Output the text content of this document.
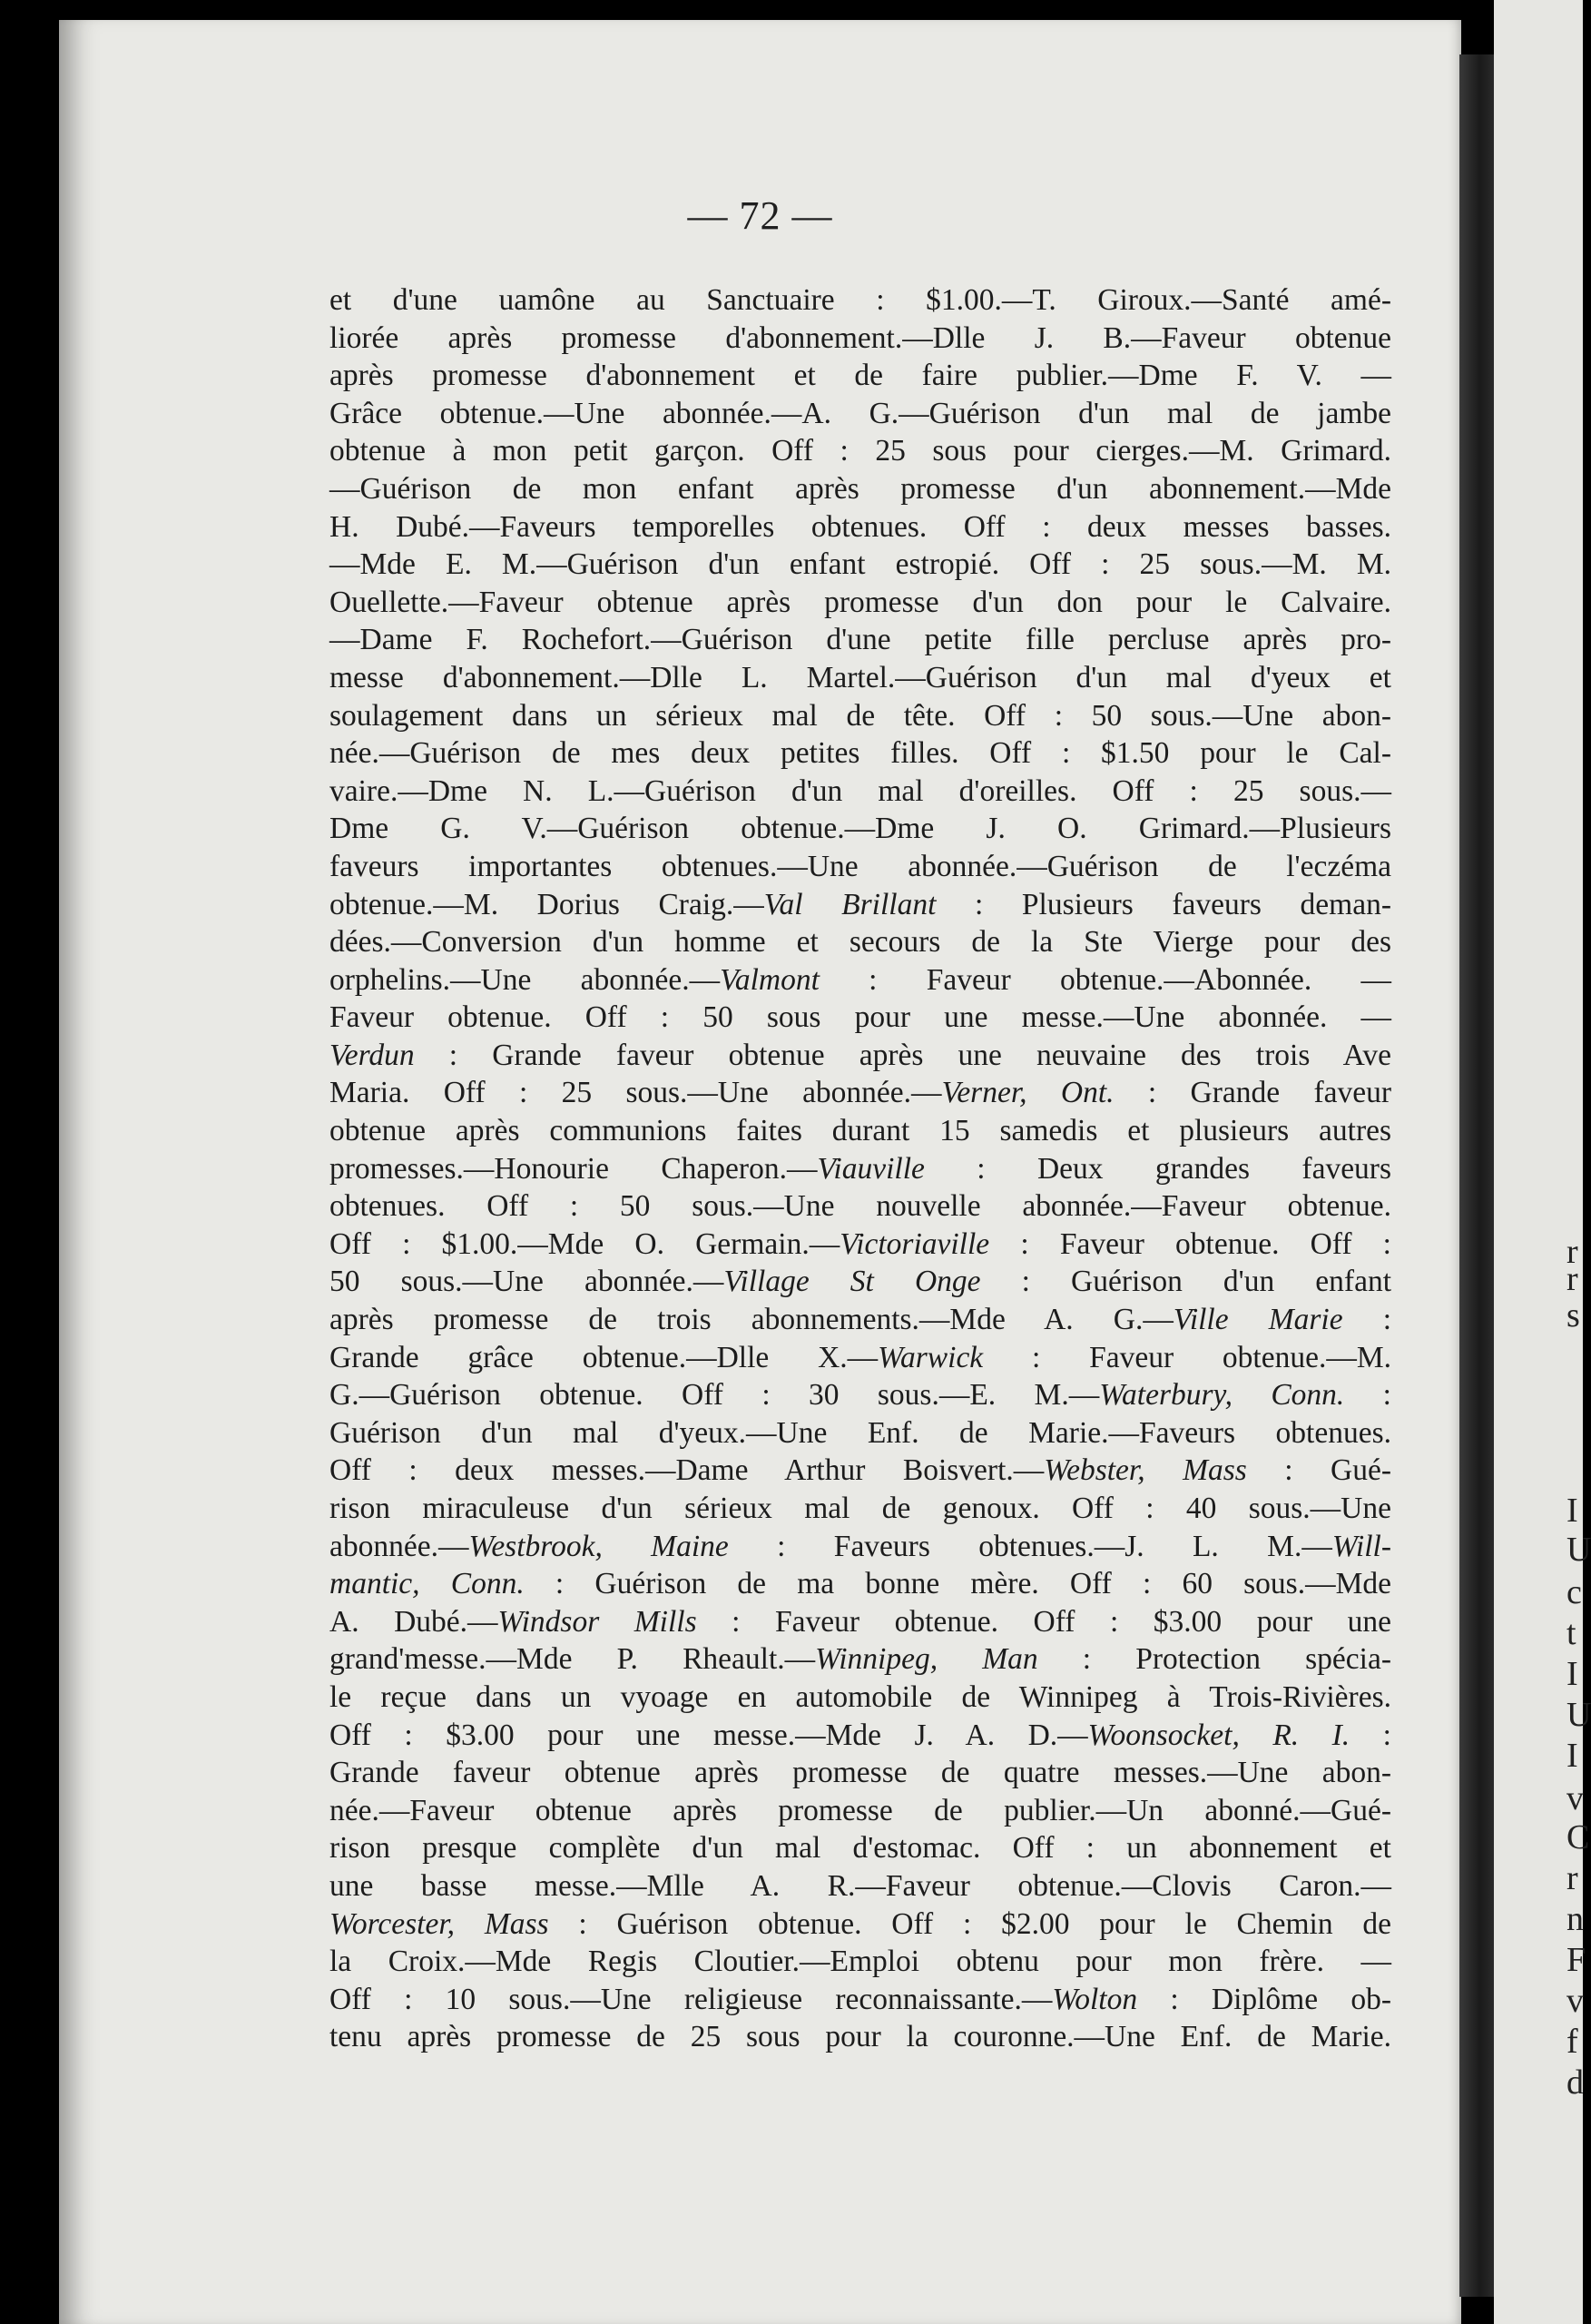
— 72 —
et d'une uamône au Sanctuaire : $1.00.—T. Giroux.—Santé amé-
liorée après promesse d'abonnement.—Dlle J. B.—Faveur obtenue
après promesse d'abonnement et de faire publier.—Dme F. V. —
Grâce obtenue.—Une abonnée.—A. G.—Guérison d'un mal de jambe
obtenue à mon petit garçon. Off : 25 sous pour cierges.—M. Grimard.
—Guérison de mon enfant après promesse d'un abonnement.—Mde
H. Dubé.—Faveurs temporelles obtenues. Off : deux messes basses.
—Mde E. M.—Guérison d'un enfant estropié. Off : 25 sous.—M. M.
Ouellette.—Faveur obtenue après promesse d'un don pour le Calvaire.
—Dame F. Rochefort.—Guérison d'une petite fille percluse après pro-
messe d'abonnement.—Dlle L. Martel.—Guérison d'un mal d'yeux et
soulagement dans un sérieux mal de tête. Off : 50 sous.—Une abon-
née.—Guérison de mes deux petites filles. Off : $1.50 pour le Cal-
vaire.—Dme N. L.—Guérison d'un mal d'oreilles. Off : 25 sous.—
Dme G. V.—Guérison obtenue.—Dme J. O. Grimard.—Plusieurs
faveurs importantes obtenues.—Une abonnée.—Guérison de l'eczéma
obtenue.—M. Dorius Craig.—Val Brillant : Plusieurs faveurs deman-
dées.—Conversion d'un homme et secours de la Ste Vierge pour des
orphelins.—Une abonnée.—Valmont : Faveur obtenue.—Abonnée. —
Faveur obtenue. Off : 50 sous pour une messe.—Une abonnée. —
Verdun : Grande faveur obtenue après une neuvaine des trois Ave
Maria. Off : 25 sous.—Une abonnée.—Verner, Ont. : Grande faveur
obtenue après communions faites durant 15 samedis et plusieurs autres
promesses.—Honourie Chaperon.—Viauville : Deux grandes faveurs
obtenues. Off : 50 sous.—Une nouvelle abonnée.—Faveur obtenue.
Off : $1.00.—Mde O. Germain.—Victoriaville : Faveur obtenue. Off :
50 sous.—Une abonnée.—Village St Onge : Guérison d'un enfant
après promesse de trois abonnements.—Mde A. G.—Ville Marie :
Grande grâce obtenue.—Dlle X.—Warwick : Faveur obtenue.—M.
G.—Guérison obtenue. Off : 30 sous.—E. M.—Waterbury, Conn. :
Guérison d'un mal d'yeux.—Une Enf. de Marie.—Faveurs obtenues.
Off : deux messes.—Dame Arthur Boisvert.—Webster, Mass : Gué-
rison miraculeuse d'un sérieux mal de genoux. Off : 40 sous.—Une
abonnée.—Westbrook, Maine : Faveurs obtenues.—J. L. M.—Will-
mantic, Conn. : Guérison de ma bonne mère. Off : 60 sous.—Mde
A. Dubé.—Windsor Mills : Faveur obtenue. Off : $3.00 pour une
grand'messe.—Mde P. Rheault.—Winnipeg, Man : Protection spécia-
le reçue dans un vyoage en automobile de Winnipeg à Trois-Rivières.
Off : $3.00 pour une messe.—Mde J. A. D.—Woonsocket, R. I. :
Grande faveur obtenue après promesse de quatre messes.—Une abon-
née.—Faveur obtenue après promesse de publier.—Un abonné.—Gué-
rison presque complète d'un mal d'estomac. Off : un abonnement et
une basse messe.—Mlle A. R.—Faveur obtenue.—Clovis Caron.—
Worcester, Mass : Guérison obtenue. Off : $2.00 pour le Chemin de
la Croix.—Mde Regis Cloutier.—Emploi obtenu pour mon frère. —
Off : 10 sous.—Une religieuse reconnaissante.—Wolton : Diplôme ob-
tenu après promesse de 25 sous pour la couronne.—Une Enf. de Marie.
r
r
s
I
U
c
t
I
U
I
v
C
r
n
F
v
f
d
